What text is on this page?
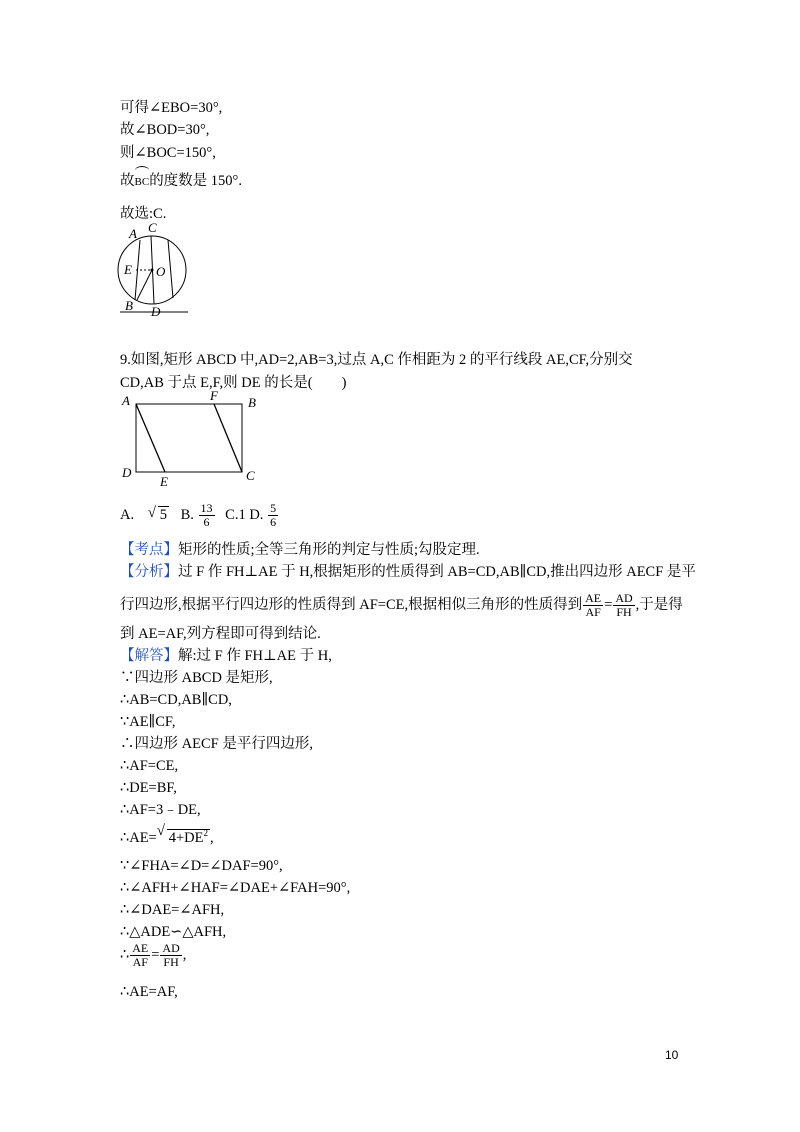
可得∠EBO=30°,
故∠BOD=30°,
则∠BOC=150°,
故BC的度数是 150°.
故选:C.
A C
E O
B D
9.如图,矩形 ABCD 中,AD=2,AB=3,过点 A,C 作相距为 2 的平行线段 AE,CF,分别交
CD,AB 于点 E,F,则 DE 的长是(　　)
A	F B
D
E	C
A. √ 5 B. $\frac{13}{6} C.1$ D. $\frac{5}{6}$
【考点】矩形的性质;全等三角形的判定与性质;勾股定理.
【分析】过 F 作 FH⊥AE 于 H,根据矩形的性质得到 AB=CD,AB∥CD,推出四边形 AECF 是平
行四边形,根据平行四边形的性质得到 AF=CE,根据相似三角形的性质得到 $\frac{AE}{AF} = \frac{AD}{FH}$ ,于是得
到 AE=AF,列方程即可得到结论.
【解答】解:过 F 作 FH⊥AE 于 H,
∵四边形 ABCD 是矩形,
∴AB=CD,AB∥CD,
∵AE∥CF,
∴四边形 AECF 是平行四边形,
∴AF=CE,
∴DE=BF,
∴AF=3﹣DE,
∴AE= √ $4+DE^2$ ,
∵∠FHA=∠D=∠DAF=90°,
∴∠AFH+∠HAF=∠DAE+∠FAH=90°,
∴∠DAE=∠AFH,
∴△ADE∽△AFH,
∴ $\frac{AE}{AF} = \frac{AD}{FH}$ ,
∴AE=AF,
10
